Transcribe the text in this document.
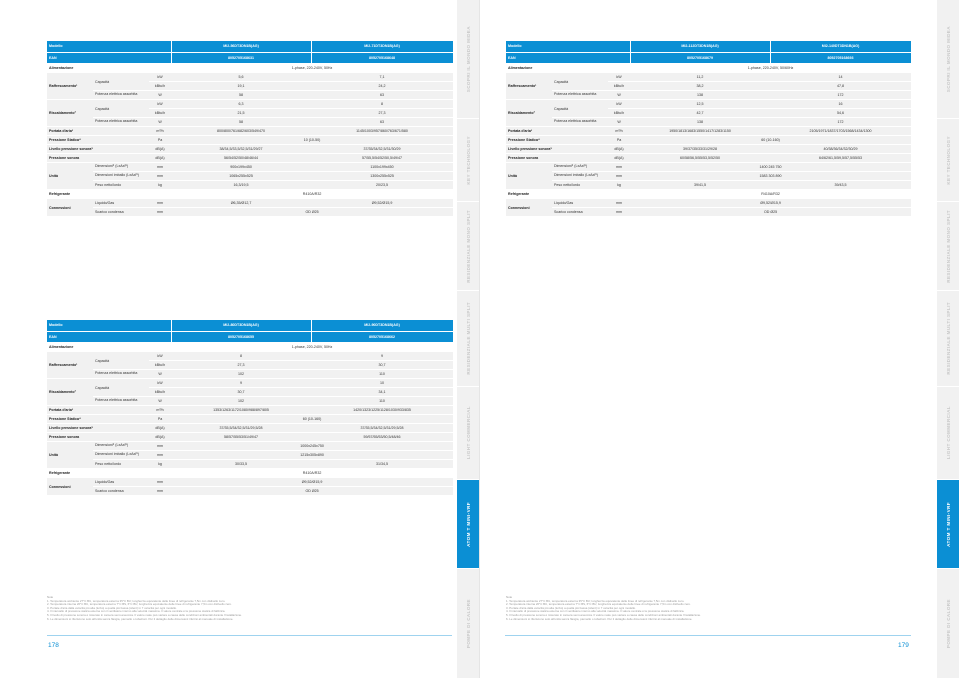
SCOPRI IL MONDO MIDEA
KEY TECHNOLOGY
RESIDENZIALE MONO SPLIT
RESIDENZIALE MULTI SPLIT
LIGHT COMMERCIAL
ATOM T MINI-VRF
POMPE DI CALORE
178
SCOPRI IL MONDO MIDEA
KEY TECHNOLOGY
RESIDENZIALE MONO SPLIT
RESIDENZIALE MULTI SPLIT
LIGHT COMMERCIAL
ATOM T MINI-VRF
POMPE DI CALORE
179
Modello			MI2-56DT3DN1B(AG)	MI2-71DT3DN1B(AG)
EAN			8052705168631	8052705168648
Alimentazione			1-phase, 220-240V, 50Hz	
Raffrescamento¹	Capacità	kW	5,6	7,1
		kBtu/h	19,1	24,2
	Potenza elettrica assorbita	W	58	63
Riscaldamento²	Capacità	kW	6,3	8
		kBtu/h	21,5	27,3
	Potenza elettrica assorbita	W	58	63
Portata d'aria³		m³/h	800/800/761/682/603/549/470	1145/1003/957/860/763/671/580
Pressione Statica⁴		Pa	10 (10-50)	
Livello pressione sonora⁵		dB(A)	38/34,5/33,5/32,5/31/29/27	37/35/34/32,5/31/30/29
Pressione sonora		dB(A)	56/54/52/50/48/46/44	57/55,5/54/52/50,5/49/47
Unità	Dimensioni⁶ (LxAxP)	mm	900x199x450	1100x199x450
	Dimensioni imballo (LxAxP)	mm	1065x255x525	1300x255x525
	Peso netto/lordo	kg	16,3/19,5	20/23,5
Refrigerante			R410A/R32	
Connessioni	Liquido/Gas	mm	Ø6,35/Ø12,7	Ø9,52/Ø15,9
	Scarico condensa	mm	OD Ø25	
Modello			MI2-80DT3DN1B(AG)	MI2-90DT3DN1B(AG)
EAN			8052705168655	8052705168662
Alimentazione			1-phase, 220-240V, 50Hz	
Raffrescamento¹	Capacità	kW	8	9
		kBtu/h	27,3	30,7
	Potenza elettrica assorbita	W	102	110
Riscaldamento²	Capacità	kW	9	10
		kBtu/h	30,7	34,1
	Potenza elettrica assorbita	W	102	110
Portata d'aria³		m³/h	1353/1263/1172/1080/988/897/805	1420/1323/1225/1128/1030/933/835
Pressione Statica⁴		Pa	60 (10-160)	
Livello pressione sonora⁵		dB(A)	37/35,5/34/32,5/31/29,5/28	37/35,5/34/32,5/31/29,5/28
Pressione sonora		dB(A)	58/57/55/53/51/49/47	59/57/55/53/50,5/48/46
Unità	Dimensioni⁶ (LxAxP)	mm	1000x245x750	
	Dimensioni imballo (LxAxP)	mm	1215x305x890	
	Peso netto/lordo	kg	30/33,5	31/34,5
Refrigerante			R410A/R32	
Connessioni	Liquido/Gas	mm	Ø9,52/Ø15,9	
	Scarico condensa	mm	OD Ø25	
Modello			MI2-112DT3DN1B(AG)	MI2-140DT3DN1B(AG)
EAN			8052705168679	8052705168693
Alimentazione			1-phase, 220-240V, 50/60Hz	
Raffrescamento¹	Capacità	kW	11,2	14
		kBtu/h	38,2	47,8
	Potenza elettrica assorbita	W	138	172
Riscaldamento²	Capacità	kW	12,5	16
		kBtu/h	42,7	54,6
	Potenza elettrica assorbita	W	138	172
Portata d'aria³		m³/h	1950/1813/1683/1550/1417/1283/1150	2105/1971/1837/1703/1568/1434/1300
Pressione Statica⁴		Pa	60 (10-160)	
Livello pressione sonora⁵		dB(A)	39/37/35/33/31/29/28	40/38/36/34/32/30/29
Pressione sonora		dB(A)	60/58/56,5/55/53,5/52/50	64/62/61,5/59,5/57,5/55/53
Unità	Dimensioni⁶ (LxAxP)	mm	1400 245 750	
	Dimensioni imballo (LxAxP)	mm	1583 303 890	
	Peso netto/lordo	kg	39/41,5	39/43,5
Refrigerante			R410A/R32	
Connessioni	Liquido/Gas	mm	Ø9,52/Ø15,9	
	Scarico condensa	mm	OD Ø25	

Note

1. Temperatura ambiente 27°C BU, temperatura esterna 35°C BU; lunghezza equivalente delle linee di refrigerante 7,5m con dislivello zero.

2. Temperatura interna 20°C BU, temperatura esterna 7°C BS, 6°C BU; lunghezza equivalente delle linee di refrigerante 7,5m con dislivello zero.

3. Portate d'aria dalla velocità più alta (turbo) a quella più bassa (silent) in 7 velocità per ogni modello.

4. Il intervallo di pressione statica esterna con il ventilatore interno alla velocità massima. Il valore centrale è la pressione statica di fabbrica.

5. Il livello di pressione sonora è misurato in camera semi-anecoica. Il valore reale può variare a causa delle condizioni ambientali durante l'installazione.

6. Le dimensioni si riferiscono solo all'unità senza flangia, pannello o tubazioni. Per il dettaglio delle dimensioni riferirsi al manuale di installazione.

Note

1. Temperatura ambiente 27°C BU, temperatura esterna 35°C BU; lunghezza equivalente delle linee di refrigerante 7,5m con dislivello zero.

2. Temperatura interna 20°C BU, temperatura esterna 7°C BS, 6°C BU; lunghezza equivalente delle linee di refrigerante 7,5m con dislivello zero.

3. Portate d'aria dalla velocità più alta (turbo) a quella più bassa (silent) in 7 velocità per ogni modello.

4. Il intervallo di pressione statica esterna con il ventilatore interno alla velocità massima. Il valore centrale è la pressione statica di fabbrica.

5. Il livello di pressione sonora è misurato in camera semi-anecoica. Il valore reale può variare a causa delle condizioni ambientali durante l'installazione.

6. Le dimensioni si riferiscono solo all'unità senza flangia, pannello o tubazioni. Per il dettaglio delle dimensioni riferirsi al manuale di installazione.
